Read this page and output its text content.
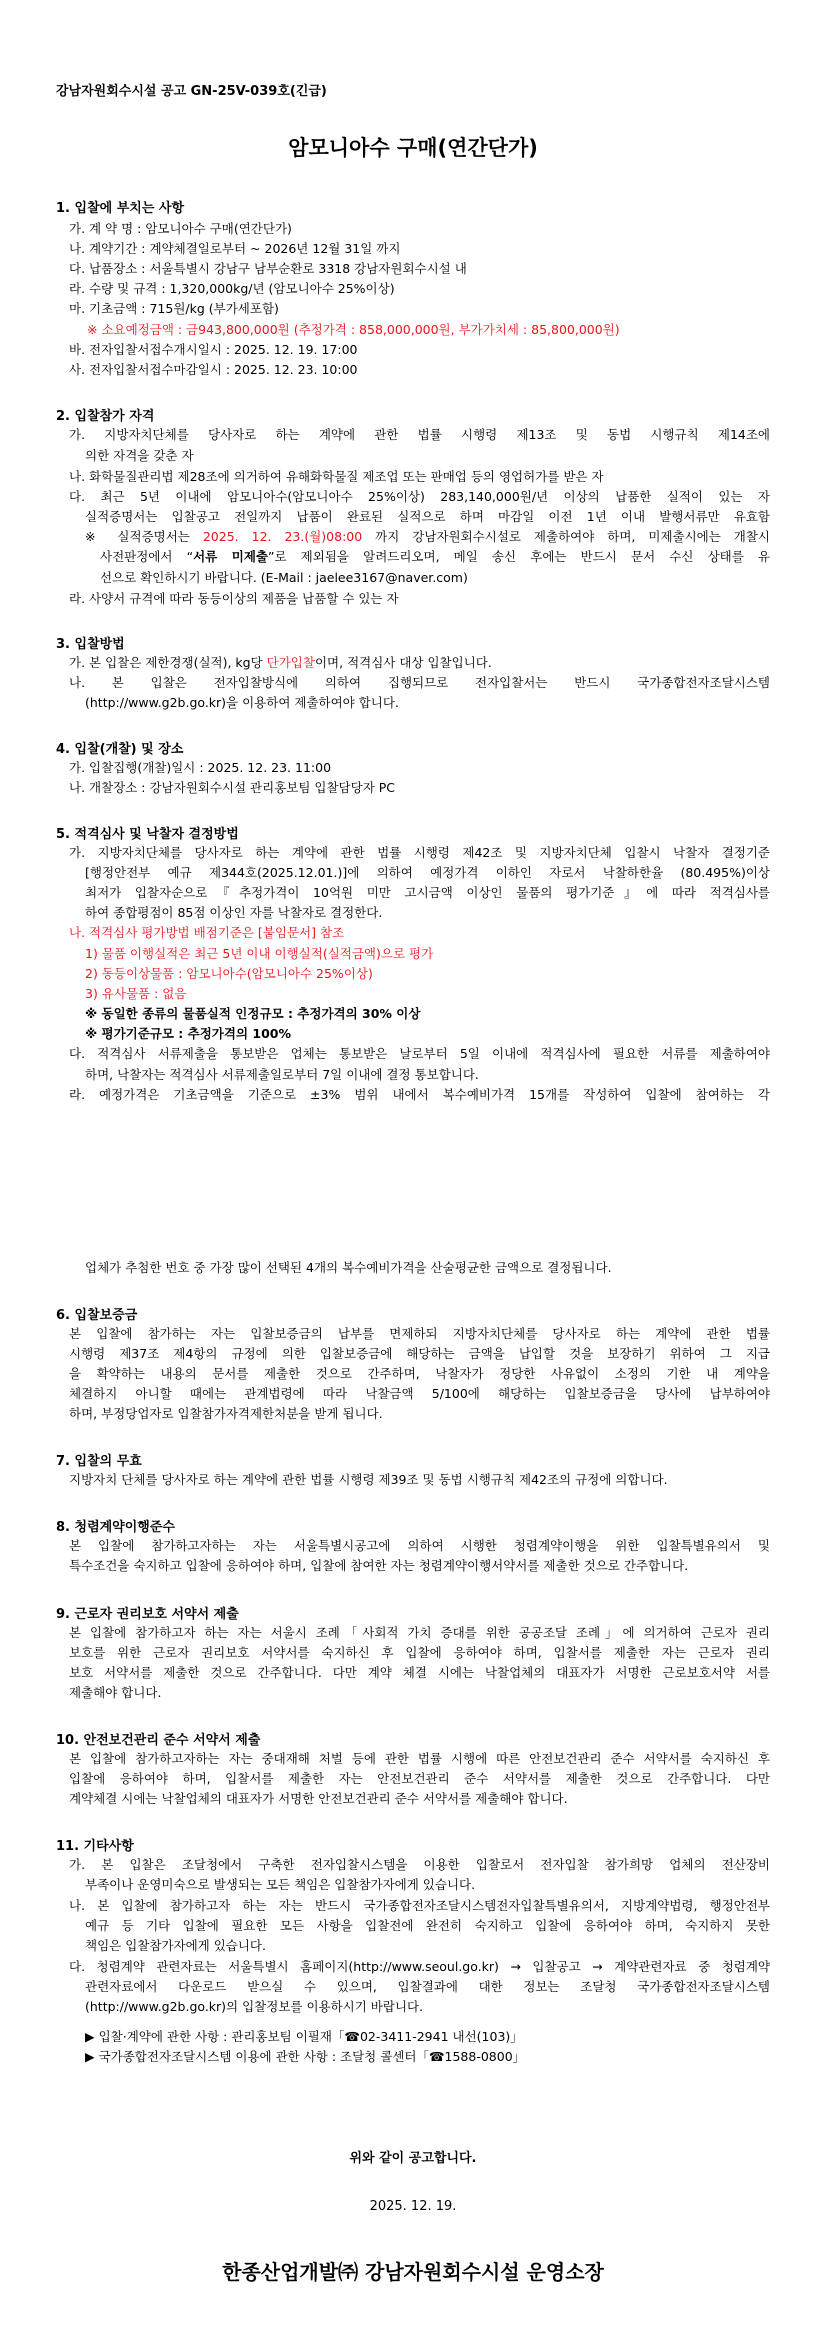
강남자원회수시설 공고 GN-25V-039호(긴급)
암모니아수 구매(연간단가)
1. 입찰에 부치는 사항
가. 계 약 명 : 암모니아수 구매(연간단가)
나. 계약기간 : 계약체결일로부터 ~ 2026년 12월 31일 까지
다. 납품장소 : 서울특별시 강남구 남부순환로 3318 강남자원회수시설 내
라. 수량 및 규격 : 1,320,000kg/년 (암모니아수 25%이상)
마. 기초금액 : 715원/kg (부가세포함)
※ 소요예정금액 : 금943,800,000원 (추정가격 : 858,000,000원, 부가가치세 : 85,800,000원)
바. 전자입찰서접수개시일시 : 2025. 12. 19. 17:00
사. 전자입찰서접수마감일시 : 2025. 12. 23. 10:00
2. 입찰참가 자격
가. 지방자치단체를 당사자로 하는 계약에 관한 법률 시행령 제13조 및 동법 시행규칙 제14조에
의한 자격을 갖춘 자
나. 화학물질관리법 제28조에 의거하여 유해화학물질 제조업 또는 판매업 등의 영업허가를 받은 자
다. 최근 5년 이내에 암모니아수(암모니아수 25%이상) 283,140,000원/년 이상의 납품한 실적이 있는 자
실적증명서는 입찰공고 전일까지 납품이 완료된 실적으로 하며 마감일 이전 1년 이내 발행서류만 유효함
※ 실적증명서는 2025. 12. 23.(월)08:00 까지 강남자원회수시설로 제출하여야 하며, 미제출시에는 개찰시
사전판정에서 “서류 미제출”로 제외됨을 알려드리오며, 메일 송신 후에는 반드시 문서 수신 상태를 유
선으로 확인하시기 바랍니다. (E-Mail : jaelee3167@naver.com)
라. 사양서 규격에 따라 동등이상의 제품을 납품할 수 있는 자
3. 입찰방법
가. 본 입찰은 제한경쟁(실적), kg당 단가입찰이며, 적격심사 대상 입찰입니다.
나. 본 입찰은 전자입찰방식에 의하여 집행되므로 전자입찰서는 반드시 국가종합전자조달시스템
(http://www.g2b.go.kr)을 이용하여 제출하여야 합니다.
4. 입찰(개찰) 및 장소
가. 입찰집행(개찰)일시 : 2025. 12. 23. 11:00
나. 개찰장소 : 강남자원회수시설 관리홍보팀 입찰담당자 PC
5. 적격심사 및 낙찰자 결정방법
가. 지방자치단체를 당사자로 하는 계약에 관한 법률 시행령 제42조 및 지방자치단체 입찰시 낙찰자 결정기준
[행정안전부 예규 제344호(2025.12.01.)]에 의하여 예정가격 이하인 자로서 낙찰하한율 (80.495%)이상
최저가 입찰자순으로『추정가격이 10억원 미만 고시금액 이상인 물품의 평가기준』에 따라 적격심사를
하여 종합평점이 85점 이상인 자를 낙찰자로 결정한다.
나. 적격심사 평가방법 배점기준은 [붙임문서] 참조
1) 물품 이행실적은 최근 5년 이내 이행실적(실적금액)으로 평가
2) 동등이상물품 : 암모니아수(암모니아수 25%이상)
3) 유사물품 : 없음
※ 동일한 종류의 물품실적 인정규모 : 추정가격의 30% 이상
※ 평가기준규모 : 추정가격의 100%
다. 적격심사 서류제출을 통보받은 업체는 통보받은 날로부터 5일 이내에 적격심사에 필요한 서류를 제출하여야
하며, 낙찰자는 적격심사 서류제출일로부터 7일 이내에 결정 통보합니다.
라. 예정가격은 기초금액을 기준으로 ±3% 범위 내에서 복수예비가격 15개를 작성하여 입찰에 참여하는 각
업체가 추첨한 번호 중 가장 많이 선택된 4개의 복수예비가격을 산술평균한 금액으로 결정됩니다.
6. 입찰보증금
본 입찰에 참가하는 자는 입찰보증금의 납부를 면제하되 지방자치단체를 당사자로 하는 계약에 관한 법률
시행령 제37조 제4항의 규정에 의한 입찰보증금에 해당하는 금액을 납입할 것을 보장하기 위하여 그 지급
을 확약하는 내용의 문서를 제출한 것으로 간주하며, 낙찰자가 정당한 사유없이 소정의 기한 내 계약을
체결하지 아니할 때에는 관계법령에 따라 낙찰금액 5/100에 해당하는 입찰보증금을 당사에 납부하여야
하며, 부정당업자로 입찰참가자격제한처분을 받게 됩니다.
7. 입찰의 무효
지방자치 단체를 당사자로 하는 계약에 관한 법률 시행령 제39조 및 동법 시행규칙 제42조의 규정에 의합니다.
8. 청렴계약이행준수
본 입찰에 참가하고자하는 자는 서울특별시공고에 의하여 시행한 청렴계약이행을 위한 입찰특별유의서 및
특수조건을 숙지하고 입찰에 응하여야 하며, 입찰에 참여한 자는 청렴계약이행서약서를 제출한 것으로 간주합니다.
9. 근로자 권리보호 서약서 제출
본 입찰에 참가하고자 하는 자는 서울시 조례「사회적 가치 증대를 위한 공공조달 조례」에 의거하여 근로자 권리
보호를 위한 근로자 권리보호 서약서를 숙지하신 후 입찰에 응하여야 하며, 입찰서를 제출한 자는 근로자 권리
보호 서약서를 제출한 것으로 간주합니다. 다만 계약 체결 시에는 낙찰업체의 대표자가 서명한 근로보호서약 서를
제출해야 합니다.
10. 안전보건관리 준수 서약서 제출
본 입찰에 참가하고자하는 자는 중대재해 처벌 등에 관한 법률 시행에 따른 안전보건관리 준수 서약서를 숙지하신 후
입찰에 응하여야 하며, 입찰서를 제출한 자는 안전보건관리 준수 서약서를 제출한 것으로 간주합니다. 다만
계약체결 시에는 낙찰업체의 대표자가 서명한 안전보건관리 준수 서약서를 제출해야 합니다.
11. 기타사항
가. 본 입찰은 조달청에서 구축한 전자입찰시스템을 이용한 입찰로서 전자입찰 참가희망 업체의 전산장비
부족이나 운영미숙으로 발생되는 모든 책임은 입찰참가자에게 있습니다.
나. 본 입찰에 참가하고자 하는 자는 반드시 국가종합전자조달시스템전자입찰특별유의서, 지방계약법령, 행정안전부
예규 등 기타 입찰에 필요한 모든 사항을 입찰전에 완전히 숙지하고 입찰에 응하여야 하며, 숙지하지 못한
책임은 입찰참가자에게 있습니다.
다. 청렴계약 관련자료는 서울특별시 홈페이지(http://www.seoul.go.kr) → 입찰공고 → 계약관련자료 중 청렴계약
관련자료에서 다운로드 받으실 수 있으며, 입찰결과에 대한 정보는 조달청 국가종합전자조달시스템
(http://www.g2b.go.kr)의 입찰정보를 이용하시기 바랍니다.
▶ 입찰·계약에 관한 사항 : 관리홍보팀 이필재「☎02-3411-2941 내선(103)」
▶ 국가종합전자조달시스템 이용에 관한 사항 : 조달청 콜센터「☎1588-0800」
위와 같이 공고합니다.
2025. 12. 19.
한종산업개발㈜ 강남자원회수시설 운영소장
